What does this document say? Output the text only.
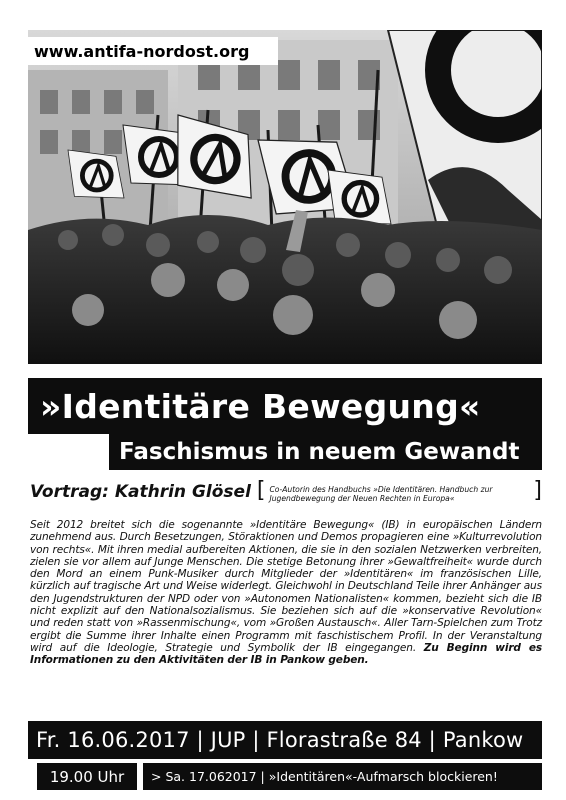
www.antifa-nordost.org
»Identitäre Bewegung«
Faschismus in neuem Gewandt
Vortrag: Kathrin Glösel [ Co-Autorin des Handbuchs »Die Identitären. Handbuch zur Jugendbewegung der Neuen Rechten in Europa«	]
Seit 2012 breitet sich die sogenannte »Identitäre Bewegung« (IB) in europäischen Ländern zunehmend aus. Durch Besetzungen, Störaktionen und Demos propagieren eine »Kulturrevolution von rechts«. Mit ihren medial aufbereiten Aktionen, die sie in den sozialen Netzwerken verbreiten, zielen sie vor allem auf Junge Menschen. Die stetige Betonung ihrer »Gewaltfreiheit« wurde durch den Mord an einem Punk-Musiker durch Mitglieder der »Identitären« im französischen Lille, kürzlich auf tragische Art und Weise widerlegt. Gleichwohl in Deutschland Teile ihrer Anhänger aus den Jugendstrukturen der NPD oder von »Autonomen Nationalisten« kommen, bezieht sich die IB nicht explizit auf den Nationalsozialismus. Sie beziehen sich auf die »konservative Revolution« und reden statt von »Rassenmischung«, vom »Großen Austausch«. Aller Tarn-Spielchen zum Trotz ergibt die Summe ihrer Inhalte einen Programm mit faschistischem Profil. In der Veranstaltung wird auf die Ideologie, Strategie und Symbolik der IB eingegangen. Zu Beginn wird es Informationen zu den Aktivitäten der IB in Pankow geben.
Fr. 16.06.2017 | JUP | Florastraße 84 | Pankow
19.00 Uhr	> Sa. 17.062017 | »Identitären«-Aufmarsch blockieren!
